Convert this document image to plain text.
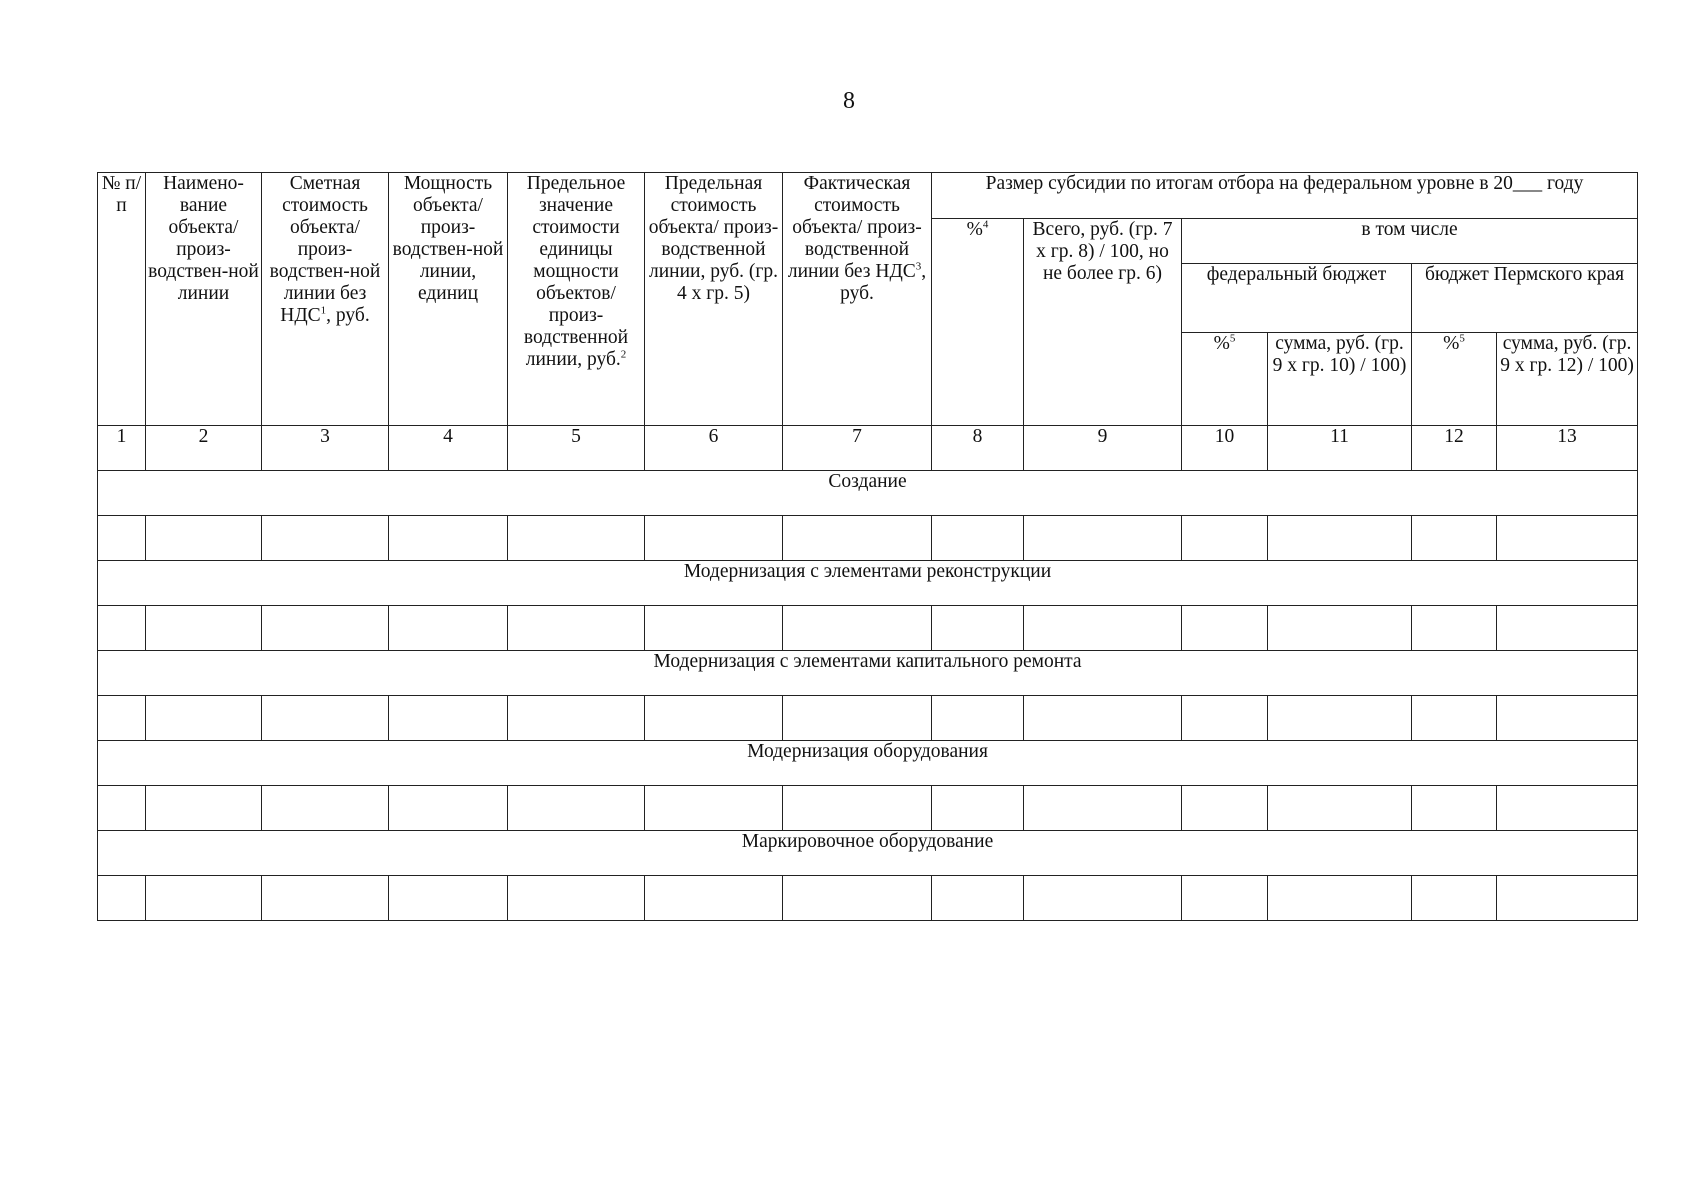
8
№ п/п	Наимено-вание объекта/ произ-водствен-ной линии	Сметная стоимость объекта/ произ-водствен-ной линии без НДС$^1$, руб.	Мощность объекта/ произ-водствен-ной линии, единиц	Предельное значение стоимости единицы мощности объектов/ произ-водственной линии, руб.$^2$	Предельная стоимость объекта/ произ-водственной линии, руб. (гр. 4 х гр. 5)	Фактическая стоимость объекта/ произ-водственной линии без НДС$^3$, руб.	Размер субсидии по итогам отбора на федеральном уровне в 20___ году					
							%$^4$	Всего, руб. (гр. 7 х гр. 8) / 100, но не более гр. 6)	в том числе			
									федеральный бюджет		бюджет Пермского края	
									%$^5$	сумма, руб. (гр. 9 х гр. 10) / 100)	%$^5$	сумма, руб. (гр. 9 х гр. 12) / 100)
1	2	3	4	5	6	7	8	9	10	11	12	13
Создание												

Модернизация с элементами реконструкции												

Модернизация с элементами капитального ремонта												

Модернизация оборудования												

Маркировочное оборудование												
